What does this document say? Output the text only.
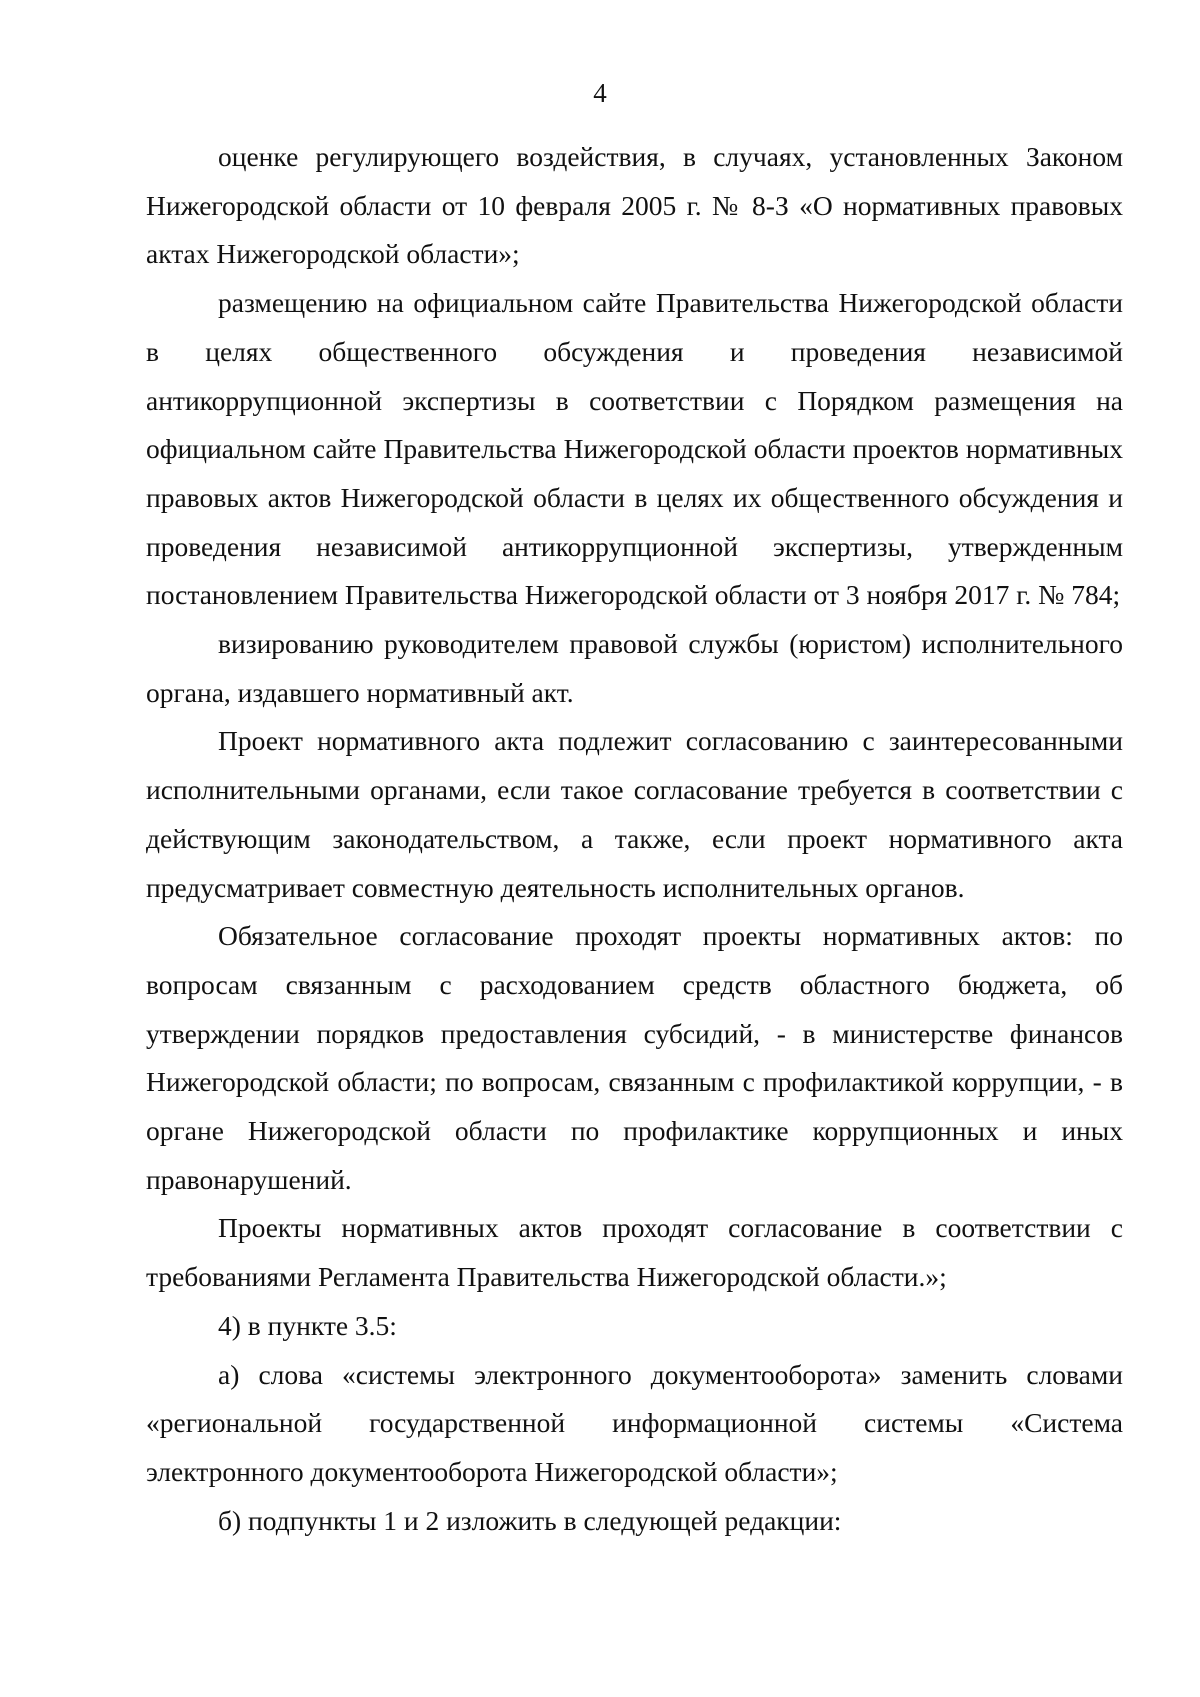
4

оценке регулирующего воздействия, в случаях, установленных Законом Нижегородской области от 10 февраля 2005 г. № 8-З «О нормативных правовых актах Нижегородской области»;

размещению на официальном сайте Правительства Нижегородской области в целях общественного обсуждения и проведения независимой антикоррупционной экспертизы в соответствии с Порядком размещения на официальном сайте Правительства Нижегородской области проектов нормативных правовых актов Нижегородской области в целях их общественного обсуждения и проведения независимой антикоррупционной экспертизы, утвержденным постановлением Правительства Нижегородской области от 3 ноября 2017 г. № 784;

визированию руководителем правовой службы (юристом) исполнительного органа, издавшего нормативный акт.

Проект нормативного акта подлежит согласованию с заинтересованными исполнительными органами, если такое согласование требуется в соответствии с действующим законодательством, а также, если проект нормативного акта предусматривает совместную деятельность исполнительных органов.

Обязательное согласование проходят проекты нормативных актов: по вопросам связанным с расходованием средств областного бюджета, об утверждении порядков предоставления субсидий, - в министерстве финансов Нижегородской области; по вопросам, связанным с профилактикой коррупции, - в органе Нижегородской области по профилактике коррупционных и иных правонарушений.

Проекты нормативных актов проходят согласование в соответствии с требованиями Регламента Правительства Нижегородской области.»;

4) в пункте 3.5:

а) слова «системы электронного документооборота» заменить словами «региональной государственной информационной системы «Система электронного документооборота Нижегородской области»;

б) подпункты 1 и 2 изложить в следующей редакции:
